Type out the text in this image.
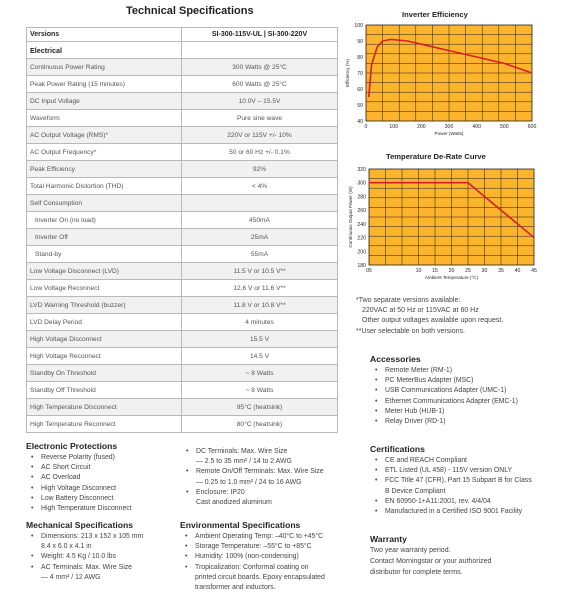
Technical Specifications
Versions	SI-300-115V-UL | SI-300-220V
Electrical	
Continuous Power Rating	300 Watts @ 25°C
Peak Power Rating (15 minutes)	600 Watts @ 25°C
DC Input Voltage	10.0V – 15.5V
Waveform	Pure sine wave
AC Output Voltage (RMS)*	220V or 115V +/- 10%
AC Output Frequency*	50 or 60 Hz +/- 0.1%
Peak Efficiency	92%
Total Harmonic Distortion (THD)	< 4%
Self Consumption	
Inverter On (no load)	450mA
Inverter Off	25mA
Stand-by	55mA
Low Voltage Disconnect (LVD)	11.5 V or 10.5 V**
Low Voltage Reconnect	12.6 V or 11.6 V**
LVD Warning Threshold (buzzer)	11.8 V or 10.8 V**
LVD Delay Period	4 minutes
High Voltage Disconnect	15.5 V
High Voltage Reconnect	14.5 V
Standby On Threshold	~ 8 Watts
Standby Off Threshold	~ 8 Watts
High Temperature Disconnect	95°C (heatsink)
High Temperature Reconnect	80°C (heatsink)
Inverter Efficiency
40
50
60
70
80
90
100
0	100	200	300	400	500	600
Power (Watts)
Efficiency (%)
Temperature De-Rate Curve
180
200
220
240
260
280
300
320
05	10 15 20 25 30 35 40 45
Ambient Temperature (°C)
Continuous Output Power (W)
*Two separate versions available:
220VAC at 50 Hz or 115VAC at 60 Hz
Other output voltages available upon request.
**User selectable on both versions.
Accessories
• Remote Meter (RM-1)
• PC MeterBus Adapter (MSC)
• USB Communications Adapter (UMC-1)
• Ethernet Communications Adapter (EMC-1)
• Meter Hub (HUB-1)
• Relay Driver (RD-1)
Certifications
• CE and REACH Compliant
• ETL Listed (UL 458) - 115V version ONLY
• FCC Title 47 (CFR), Part 15 Subpart B for Class
B Device Compliant
• EN 60950-1+A11:2001, rev. 4/4/04
• Manufactured in a Certified ISO 9001 Facility
Warranty
Two year warranty period.
Contact Morningstar or your authorized
distributor for complete terms.
Electronic Protections
• Reverse Polarity (fused)
• AC Short Circuit
• AC Overload
• High Voltage Disconnect
• Low Battery Disconnect
• High Temperature Disconnect
• DC Terminals: Max. Wire Size
— 2.5 to 35 mm² / 14 to 2 AWG
• Remote On/Off Terminals: Max. Wire Size
— 0.25 to 1.0 mm² / 24 to 16 AWG
• Enclosure: IP20
Cast anodized aluminum
Mechanical Specifications
• Dimensions: 213 x 152 x 105 mm
8.4 x 6.0 x 4.1 in
• Weight: 4.5 Kg / 10.0 lbs
• AC Terminals: Max. Wire Size
— 4 mm² / 12 AWG
Environmental Specifications
• Ambient Operating Temp: –40°C to +45°C
• Storage Temperature: –55°C to +85°C
• Humidity: 100% (non-condensing)
• Tropicalization: Conformal coating on
printed circuit boards. Epoxy encapsulated
transformer and inductors.
